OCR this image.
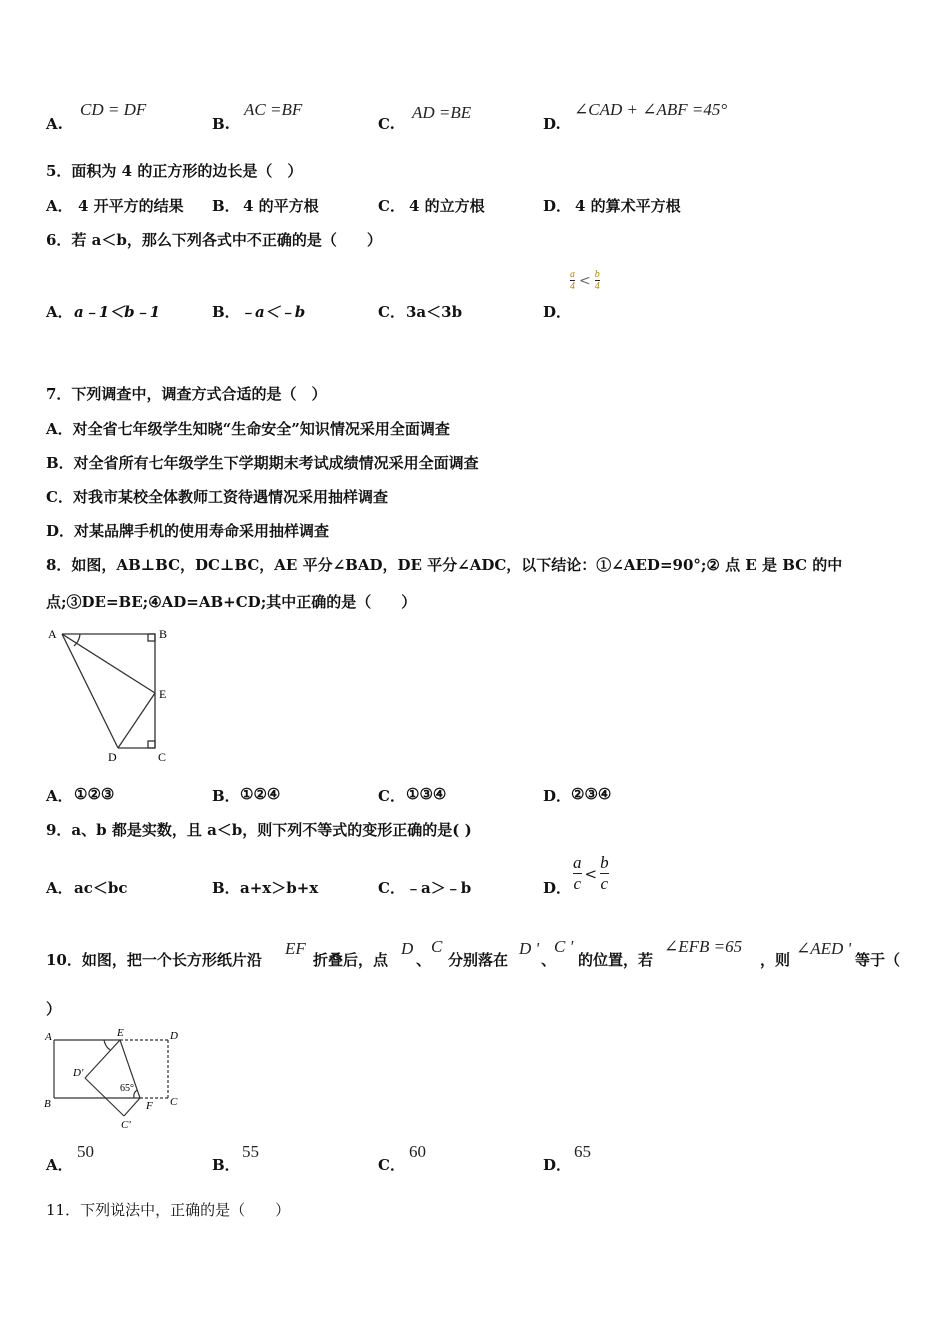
A.
CD = DF
B.
AC =BF
C.
AD =BE
D.
∠CAD + ∠ABF =45°
5．面积为 4 的正方形的边长是（　）
A． 4 开平方的结果 B． 4 的平方根	C． 4 的立方根	D． 4 的算术平方根
6．若 a＜b，那么下列各式中不正确的是（　　）
A． a﹣1＜b﹣1	B． ﹣a＜﹣b	C． 3a＜3b	D．
$\frac{a}{4} < \frac{b}{4}$
7．下列调查中，调查方式合适的是（　）
A．对全省七年级学生知晓“生命安全”知识情况采用全面调查
B．对全省所有七年级学生下学期期末考试成绩情况采用全面调查
C．对我市某校全体教师工资待遇情况采用抽样调查
D．对某品牌手机的使用寿命采用抽样调查
8．如图，AB⊥BC，DC⊥BC，AE 平分∠BAD，DE 平分∠ADC，以下结论：①∠AED=90°;② 点 E 是 BC 的中
点;③DE=BE;④AD=AB+CD;其中正确的是（　　）
A	B
E
D	C
A． ①②③	B． ①②④	C． ①③④	D． ②③④
9．a、b 都是实数，且 a＜b，则下列不等式的变形正确的是( )
A． ac＜bc	B． a+x＞b+x	C． ﹣a＞﹣b	D． $\frac{a}{c} < \frac{b}{c}$
10．如图，把一个长方形纸片沿
EF
折叠后，点
D
、
C
分别落在
D '
、
C '
的位置，若
∠EFB =65
，则
∠AED '
等于（
）
A	E	D
D'
65°
B	F C
C'
A．
50
B．
55
C．
60
D．
65
11．下列说法中，正确的是（　　）
